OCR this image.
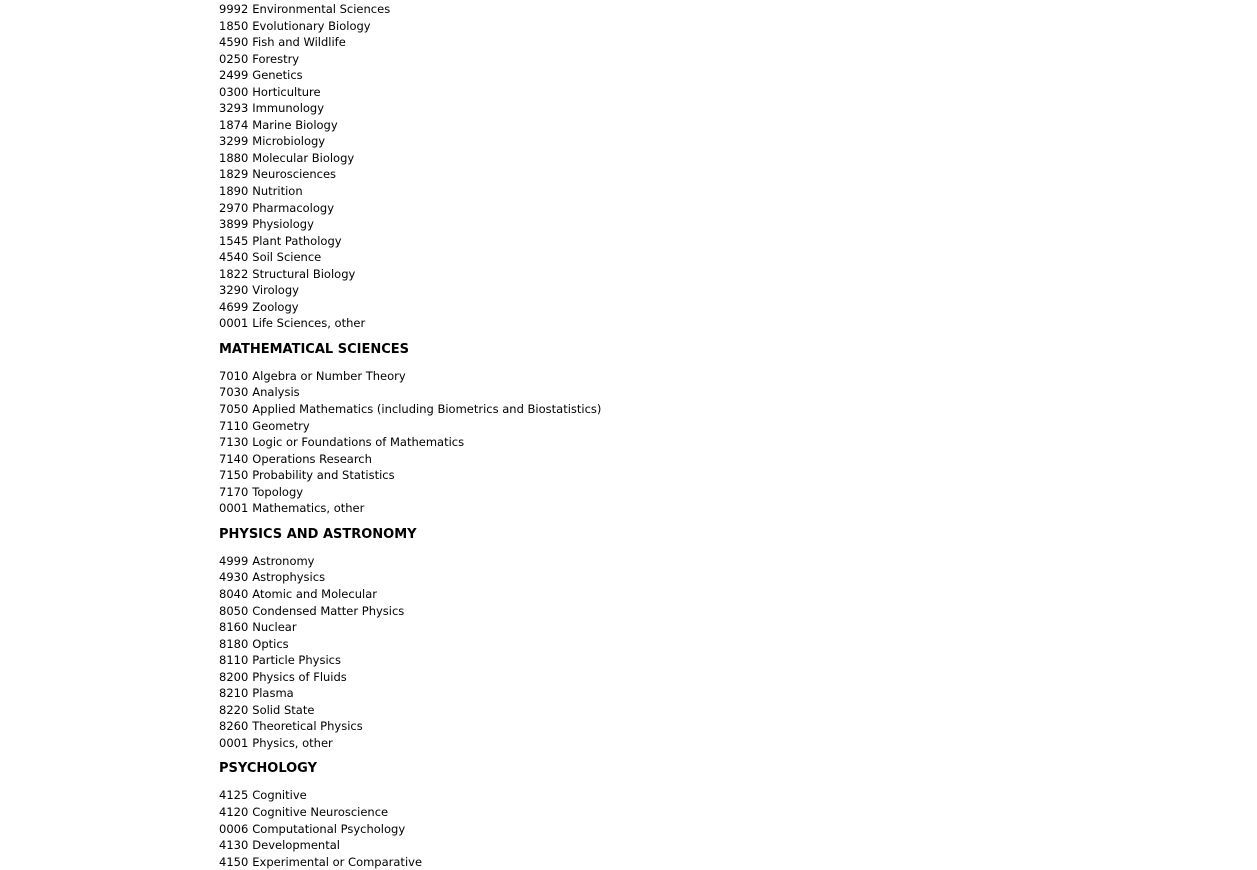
9992 Environmental Sciences
1850 Evolutionary Biology
4590 Fish and Wildlife
0250 Forestry
2499 Genetics
0300 Horticulture
3293 Immunology
1874 Marine Biology
3299 Microbiology
1880 Molecular Biology
1829 Neurosciences
1890 Nutrition
2970 Pharmacology
3899 Physiology
1545 Plant Pathology
4540 Soil Science
1822 Structural Biology
3290 Virology
4699 Zoology
0001 Life Sciences, other
MATHEMATICAL SCIENCES
7010 Algebra or Number Theory
7030 Analysis
7050 Applied Mathematics (including Biometrics and Biostatistics)
7110 Geometry
7130 Logic or Foundations of Mathematics
7140 Operations Research
7150 Probability and Statistics
7170 Topology
0001 Mathematics, other
PHYSICS AND ASTRONOMY
4999 Astronomy
4930 Astrophysics
8040 Atomic and Molecular
8050 Condensed Matter Physics
8160 Nuclear
8180 Optics
8110 Particle Physics
8200 Physics of Fluids
8210 Plasma
8220 Solid State
8260 Theoretical Physics
0001 Physics, other
PSYCHOLOGY
4125 Cognitive
4120 Cognitive Neuroscience
0006 Computational Psychology
4130 Developmental
4150 Experimental or Comparative
